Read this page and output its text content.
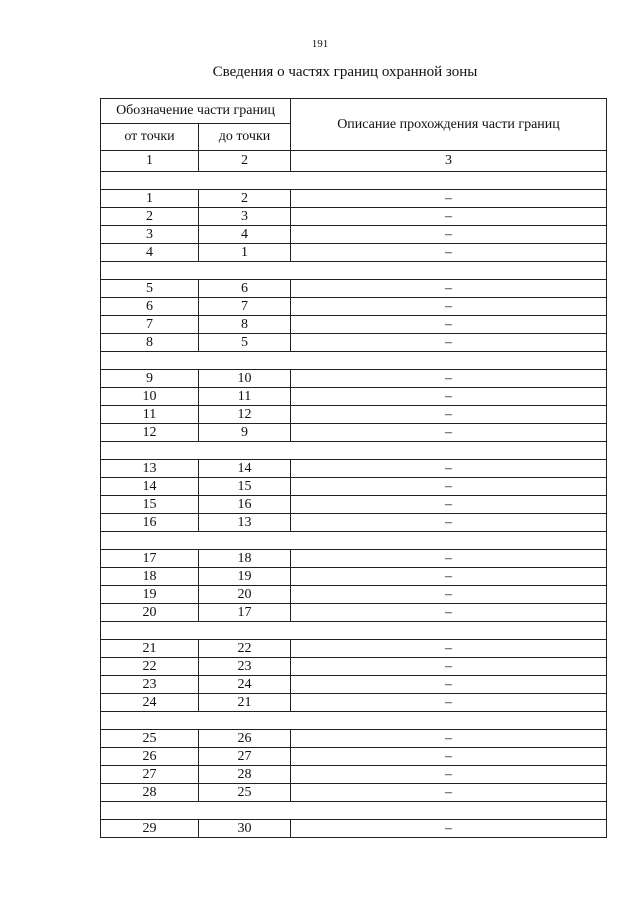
191
Сведения о частях границ охранной зоны
Обозначение части границ		Описание прохождения части границ
от точки	до точки	
1	2	3

1	2	–
2	3	–
3	4	–
4	1	–

5	6	–
6	7	–
7	8	–
8	5	–

9	10	–
10	11	–
11	12	–
12	9	–

13	14	–
14	15	–
15	16	–
16	13	–

17	18	–
18	19	–
19	20	–
20	17	–

21	22	–
22	23	–
23	24	–
24	21	–

25	26	–
26	27	–
27	28	–
28	25	–

29	30	–
